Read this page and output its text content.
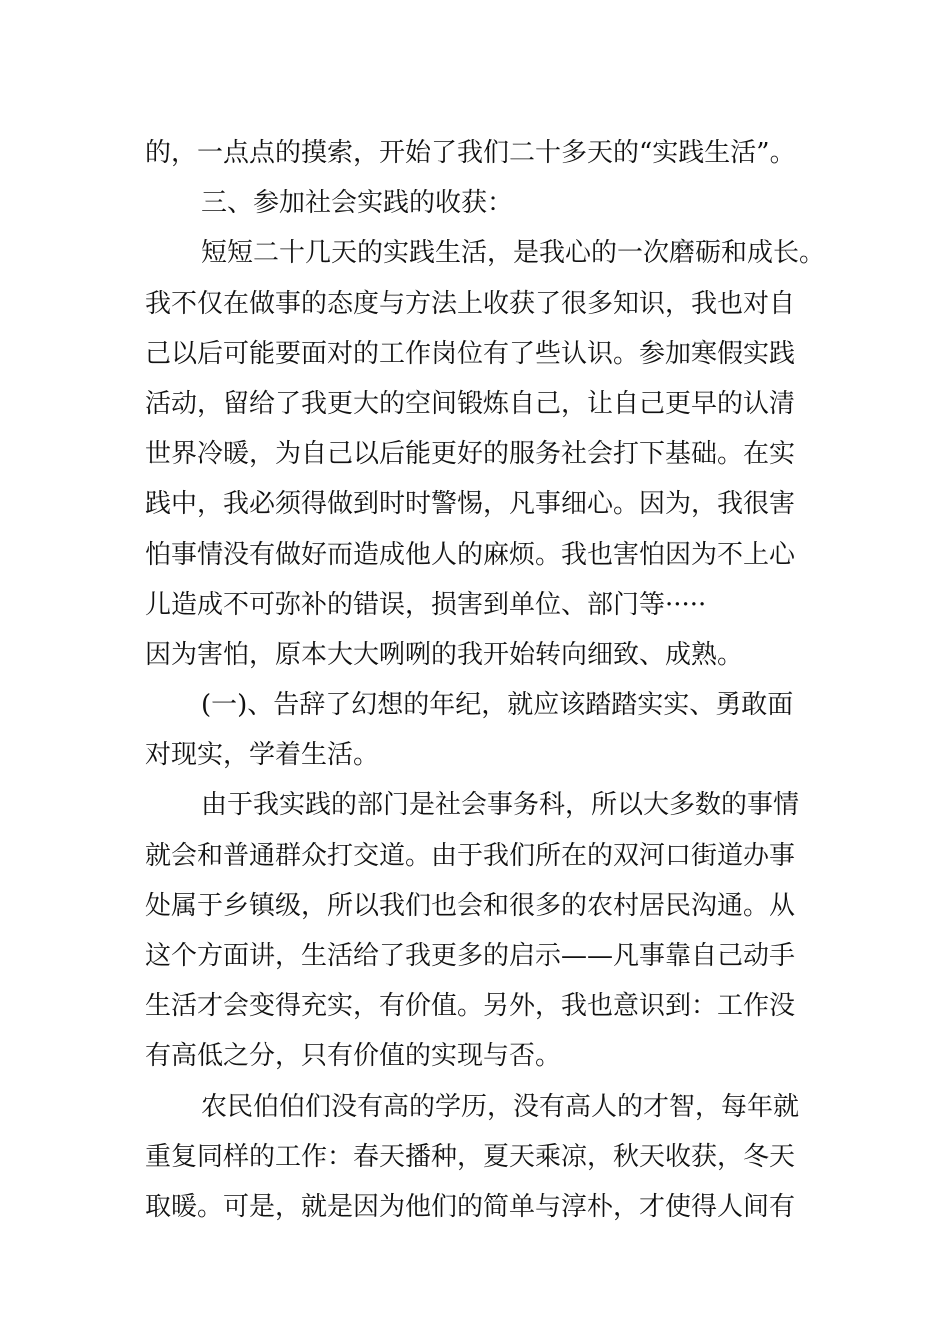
的，一点点的摸索，开始了我们二十多天的“实践生活”。
三、参加社会实践的收获：
短短二十几天的实践生活，是我心的一次磨砺和成长。
我不仅在做事的态度与方法上收获了很多知识，我也对自
己以后可能要面对的工作岗位有了些认识。参加寒假实践
活动，留给了我更大的空间锻炼自己，让自己更早的认清
世界冷暖，为自己以后能更好的服务社会打下基础。在实
践中，我必须得做到时时警惕，凡事细心。因为，我很害
怕事情没有做好而造成他人的麻烦。我也害怕因为不上心
儿造成不可弥补的错误，损害到单位、部门等·····
因为害怕，原本大大咧咧的我开始转向细致、成熟。
(一)、告辞了幻想的年纪，就应该踏踏实实、勇敢面
对现实，学着生活。
由于我实践的部门是社会事务科，所以大多数的事情
就会和普通群众打交道。由于我们所在的双河口街道办事
处属于乡镇级，所以我们也会和很多的农村居民沟通。从
这个方面讲，生活给了我更多的启示——凡事靠自己动手
生活才会变得充实，有价值。另外，我也意识到：工作没
有高低之分，只有价值的实现与否。
农民伯伯们没有高的学历，没有高人的才智，每年就
重复同样的工作：春天播种，夏天乘凉，秋天收获，冬天
取暖。可是，就是因为他们的简单与淳朴，才使得人间有
